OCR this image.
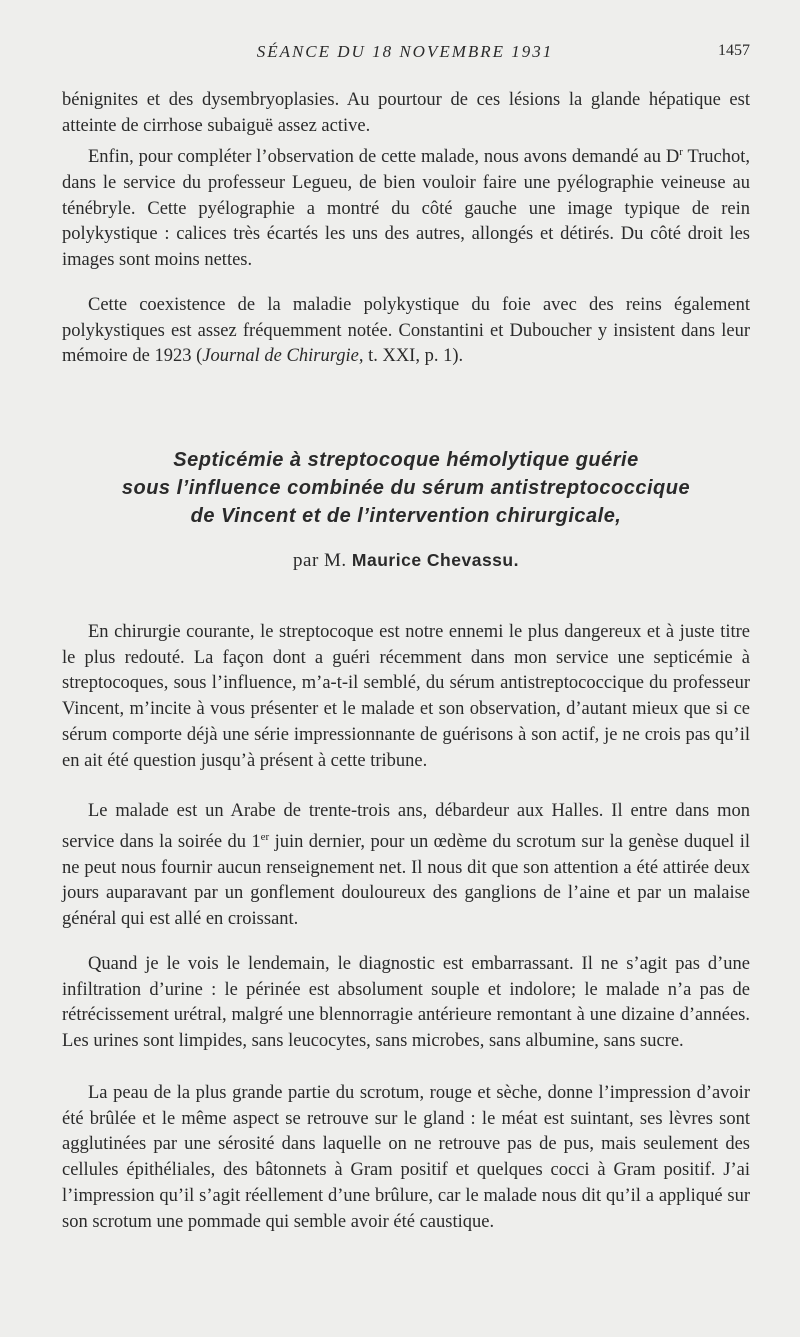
SÉANCE DU 18 NOVEMBRE 1931	1457

bénignites et des dysembryoplasies. Au pourtour de ces lésions la glande hépatique est atteinte de cirrhose subaiguë assez active.

Enfin, pour compléter l’observation de cette malade, nous avons demandé au $D^r$ Truchot, dans le service du professeur Legueu, de bien vouloir faire une pyélographie veineuse au ténébryle. Cette pyélographie a montré du côté gauche une image typique de rein polykystique : calices très écartés les uns des autres, allongés et détirés. Du côté droit les images sont moins nettes.

Cette coexistence de la maladie polykystique du foie avec des reins également polykystiques est assez fréquemment notée. Constantini et Duboucher y insistent dans leur mémoire de 1923 (Journal de Chirurgie, t. XXI, p. 1).

Septicémie à streptocoque hémolytique guérie
sous l’influence combinée du sérum antistreptococcique
de Vincent et de l’intervention chirurgicale,
par M. Maurice Chevassu.

En chirurgie courante, le streptocoque est notre ennemi le plus dangereux et à juste titre le plus redouté. La façon dont a guéri récemment dans mon service une septicémie à streptocoques, sous l’influence, m’a-t-il semblé, du sérum antistreptococcique du professeur Vincent, m’incite à vous présenter et le malade et son observation, d’autant mieux que si ce sérum comporte déjà une série impressionnante de guérisons à son actif, je ne crois pas qu’il en ait été question jusqu’à présent à cette tribune.

Le malade est un Arabe de trente-trois ans, débardeur aux Halles. Il entre dans mon service dans la soirée du 1er juin dernier, pour un œdème du scrotum sur la genèse duquel il ne peut nous fournir aucun renseignement net. Il nous dit que son attention a été attirée deux jours auparavant par un gonflement douloureux des ganglions de l’aine et par un malaise général qui est allé en croissant.

Quand je le vois le lendemain, le diagnostic est embarrassant. Il ne s’agit pas d’une infiltration d’urine : le périnée est absolument souple et indolore; le malade n’a pas de rétrécissement urétral, malgré une blennorragie antérieure remontant à une dizaine d’années. Les urines sont limpides, sans leucocytes, sans microbes, sans albumine, sans sucre.

La peau de la plus grande partie du scrotum, rouge et sèche, donne l’impression d’avoir été brûlée et le même aspect se retrouve sur le gland : le méat est suintant, ses lèvres sont agglutinées par une sérosité dans laquelle on ne retrouve pas de pus, mais seulement des cellules épithéliales, des bâtonnets à Gram positif et quelques cocci à Gram positif. J’ai l’impression qu’il s’agit réellement d’une brûlure, car le malade nous dit qu’il a appliqué sur son scrotum une pommade qui semble avoir été caustique.
